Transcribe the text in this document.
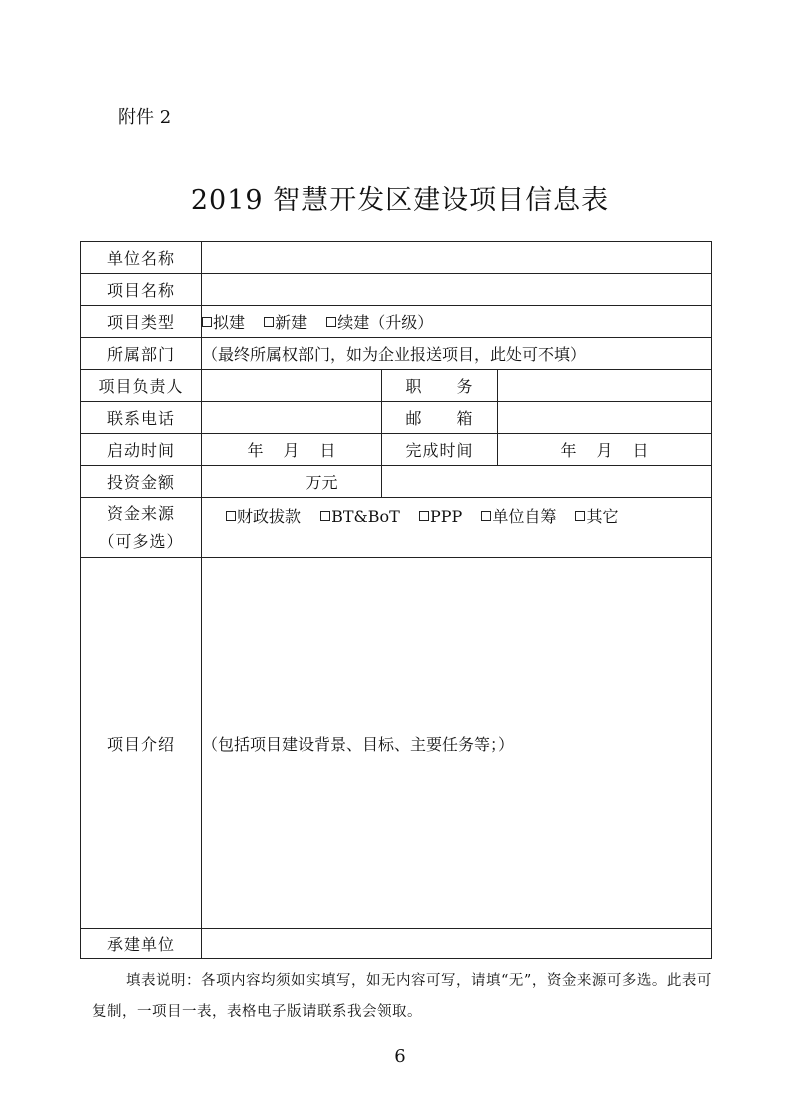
附件 2
2019 智慧开发区建设项目信息表
单位名称			
项目名称			
项目类型	拟建 新建 续建（升级）		
所属部门	（最终所属权部门，如为企业报送项目，此处可不填）		
项目负责人		职　　务	
联系电话		邮　　箱	
启动时间	年 月 日	完成时间	年 月 日
投资金额	万元		

资金来源
（可多选）	财政拔款 BT&BoT PPP 单位自筹 其它		
项目介绍	（包括项目建设背景、目标、主要任务等；）		
承建单位			
填表说明：各项内容均须如实填写，如无内容可写，请填“无”，资金来源可多选。此表可复制，一项目一表，表格电子版请联系我会领取。
6
